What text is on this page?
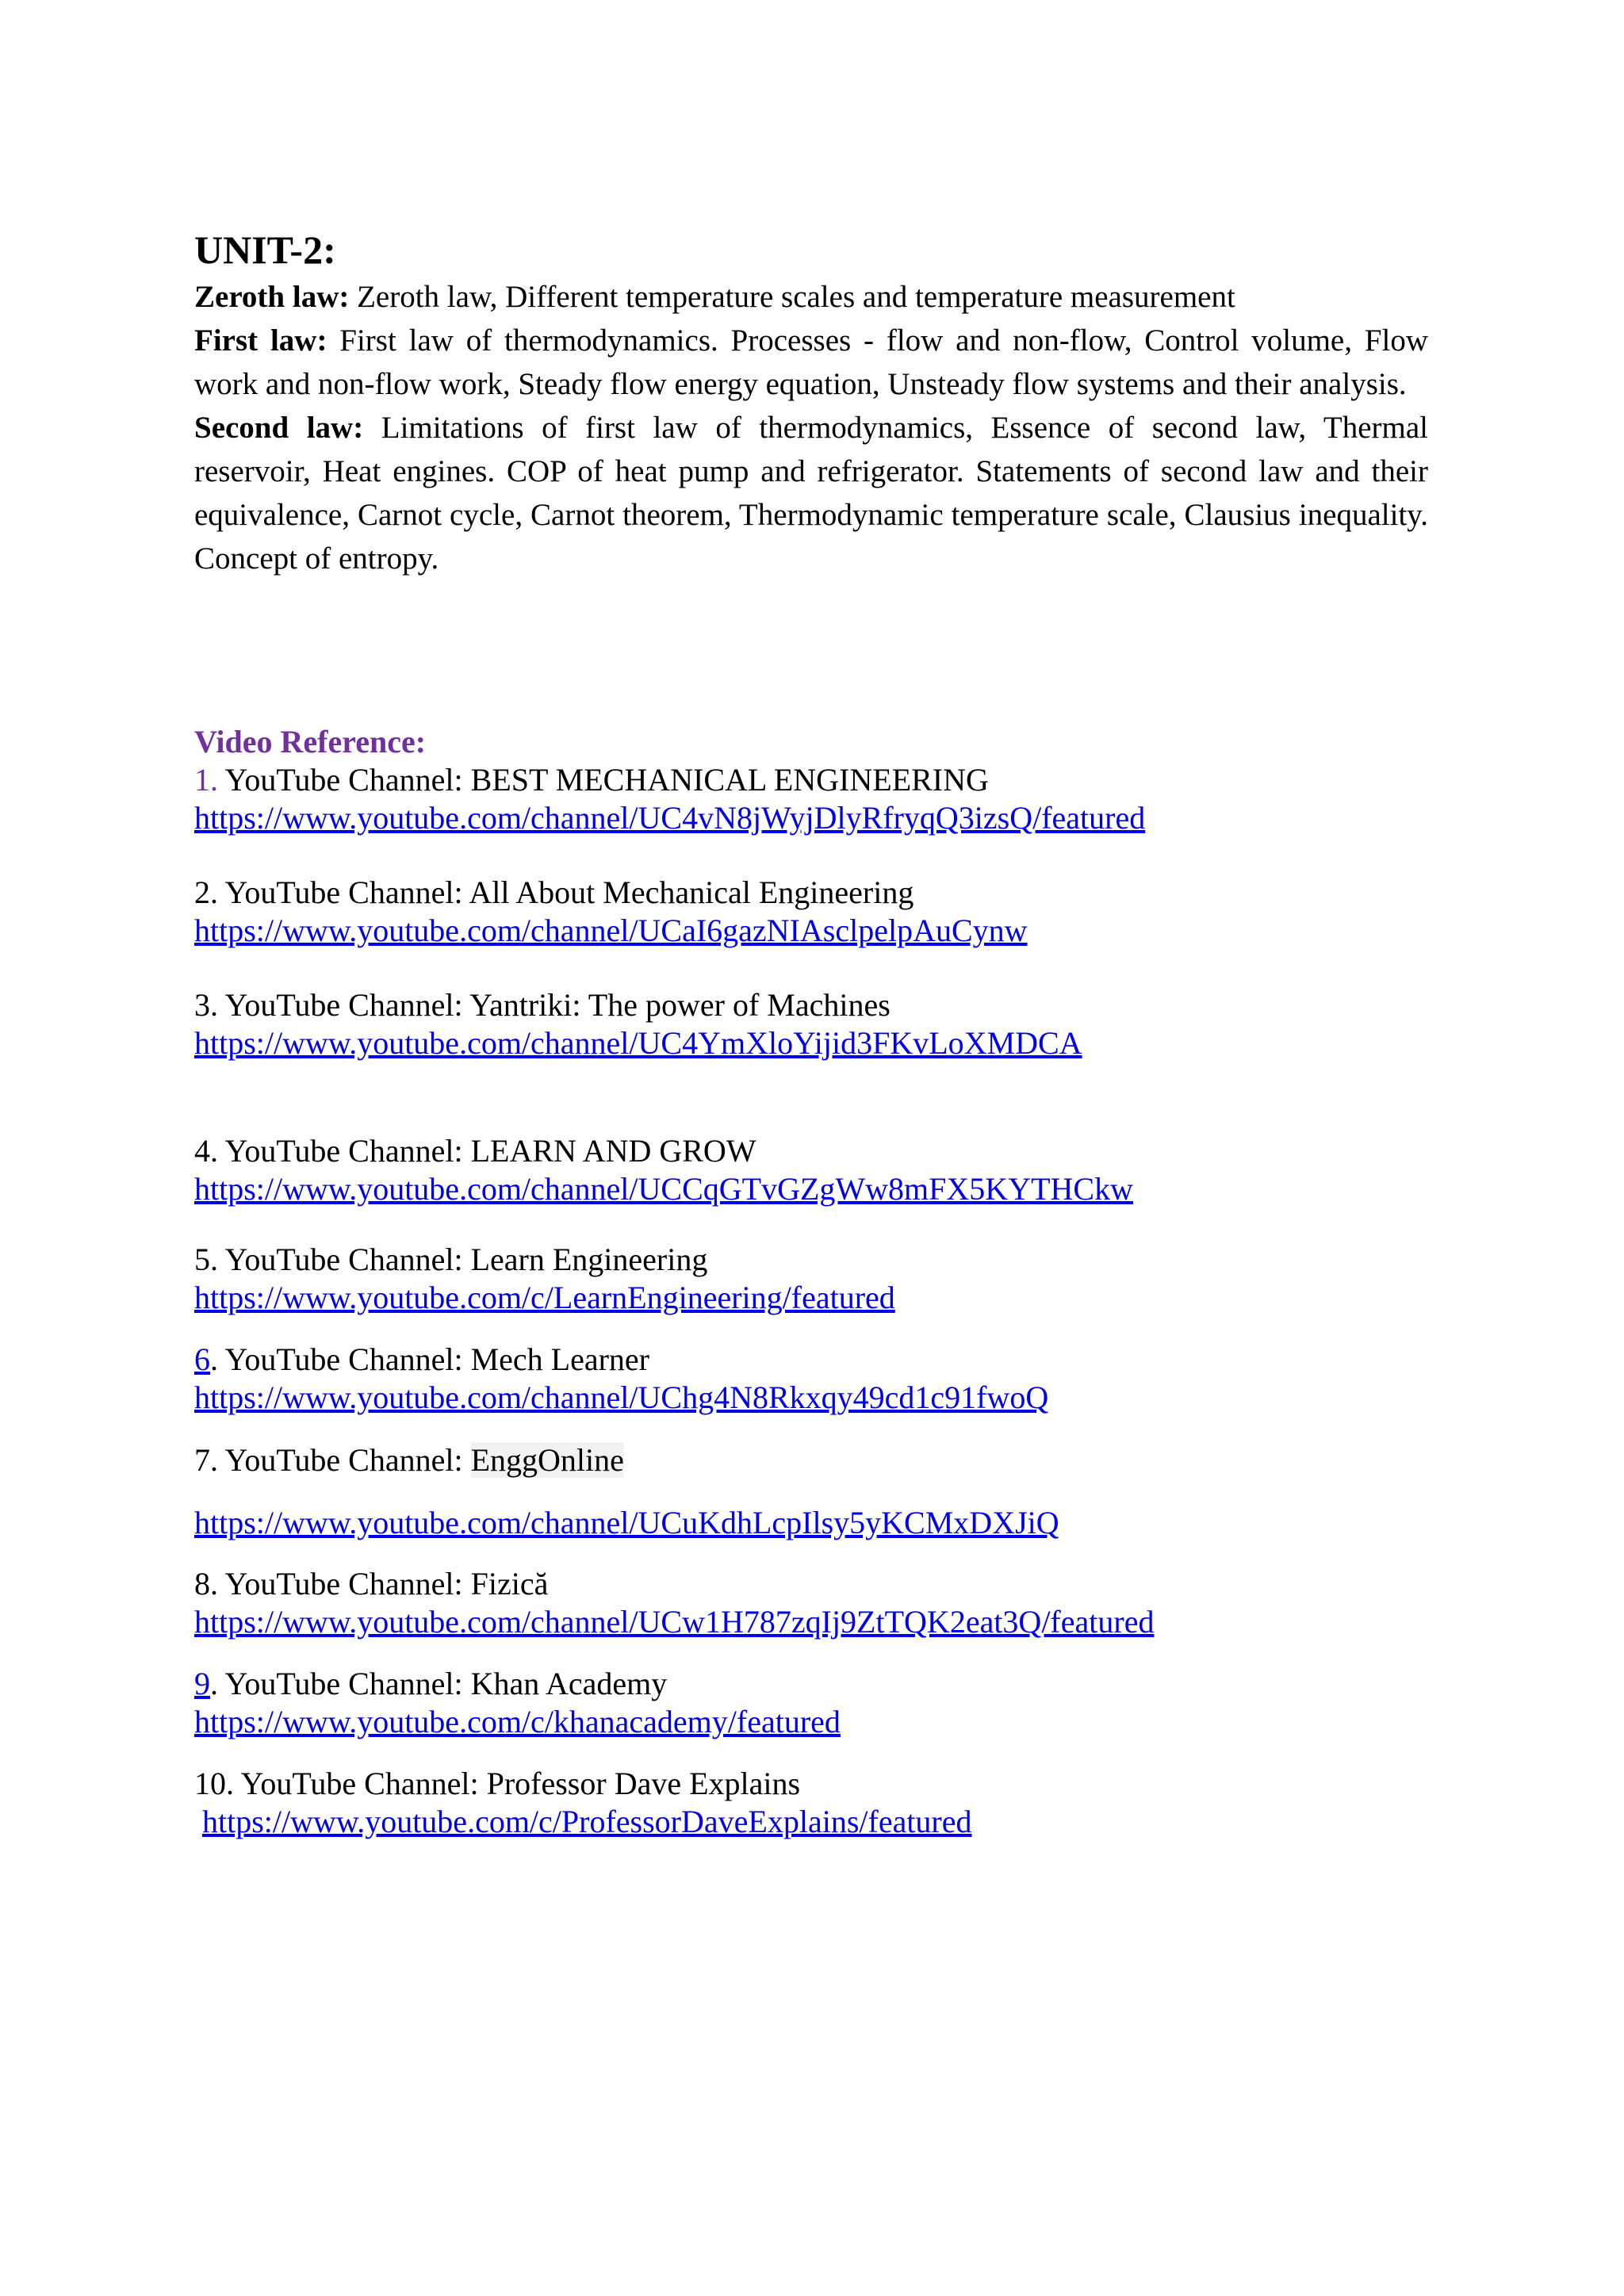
UNIT-2:

Zeroth law: Zeroth law, Different temperature scales and temperature measurement

First law: First law of thermodynamics. Processes - flow and non-flow, Control volume, Flow work and non-flow work, Steady flow energy equation, Unsteady flow systems and their analysis.

Second law: Limitations of first law of thermodynamics, Essence of second law, Thermal reservoir, Heat engines. COP of heat pump and refrigerator. Statements of second law and their equivalence, Carnot cycle, Carnot theorem, Thermodynamic temperature scale, Clausius inequality. Concept of entropy.

Video Reference:
1. YouTube Channel: BEST MECHANICAL ENGINEERING
https://www.youtube.com/channel/UC4vN8jWyjDlyRfryqQ3izsQ/featured
2. YouTube Channel: All About Mechanical Engineering
https://www.youtube.com/channel/UCaI6gazNIAsclpelpAuCynw
3. YouTube Channel: Yantriki: The power of Machines
https://www.youtube.com/channel/UC4YmXloYijid3FKvLoXMDCA
4. YouTube Channel: LEARN AND GROW
https://www.youtube.com/channel/UCCqGTvGZgWw8mFX5KYTHCkw
5. YouTube Channel: Learn Engineering
https://www.youtube.com/c/LearnEngineering/featured
6. YouTube Channel: Mech Learner
https://www.youtube.com/channel/UChg4N8Rkxqy49cd1c91fwoQ
7. YouTube Channel: EnggOnline
https://www.youtube.com/channel/UCuKdhLcpIlsy5yKCMxDXJiQ
8. YouTube Channel: Fizică
https://www.youtube.com/channel/UCw1H787zqIj9ZtTQK2eat3Q/featured
9. YouTube Channel: Khan Academy
https://www.youtube.com/c/khanacademy/featured
10. YouTube Channel: Professor Dave Explains
https://www.youtube.com/c/ProfessorDaveExplains/featured
